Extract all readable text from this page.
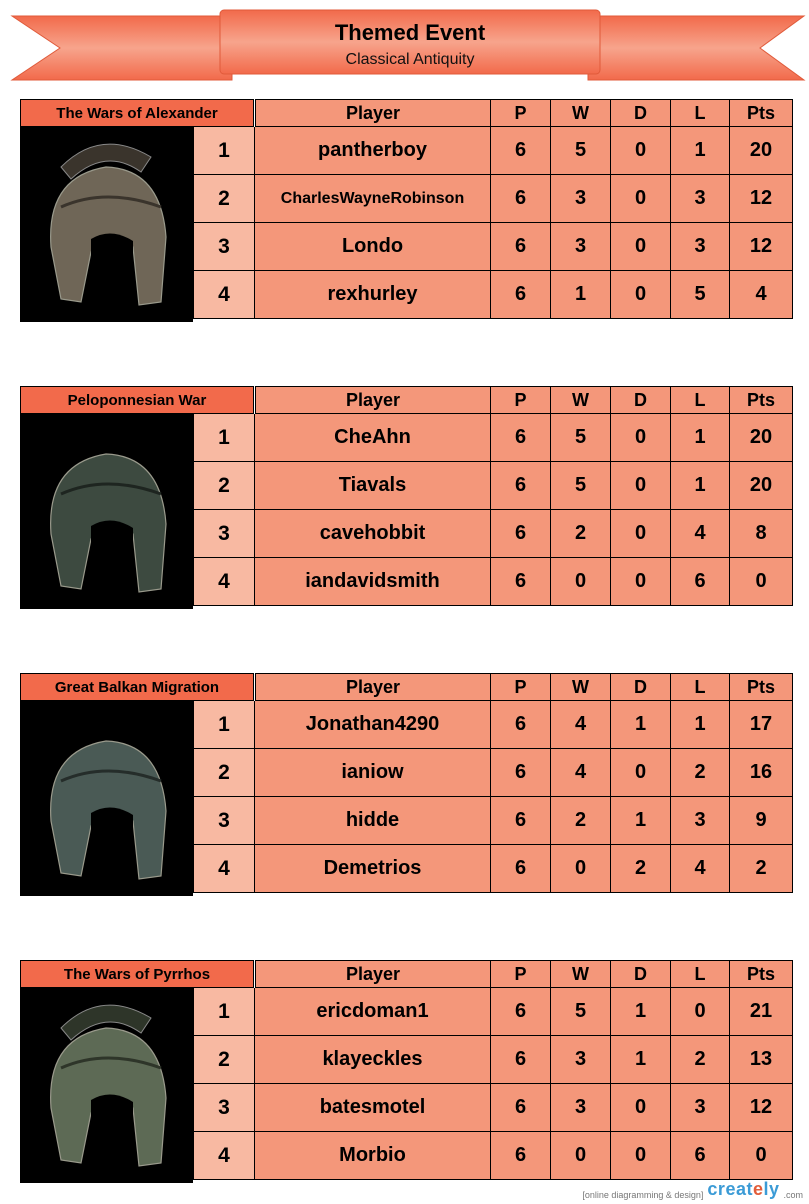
Themed Event
Classical Antiquity
The Wars of Alexander	Player	P	W	D	L	Pts
1	pantherboy	6	5	0	1	20
2	CharlesWayneRobinson	6	3	0	3	12
3	Londo	6	3	0	3	12
4	rexhurley	6	1	0	5	4
Peloponnesian War	Player	P	W	D	L	Pts
1	CheAhn	6	5	0	1	20
2	Tiavals	6	5	0	1	20
3	cavehobbit	6	2	0	4	8
4	iandavidsmith	6	0	0	6	0
Great Balkan Migration	Player	P	W	D	L	Pts
1	Jonathan4290	6	4	1	1	17
2	ianiow	6	4	0	2	16
3	hidde	6	2	1	3	9
4	Demetrios	6	0	2	4	2
The Wars of Pyrrhos	Player	P	W	D	L	Pts
1	ericdoman1	6	5	1	0	21
2	klayeckles	6	3	1	2	13
3	batesmotel	6	3	0	3	12
4	Morbio	6	0	0	6	0
[online diagramming & design] creately .com
